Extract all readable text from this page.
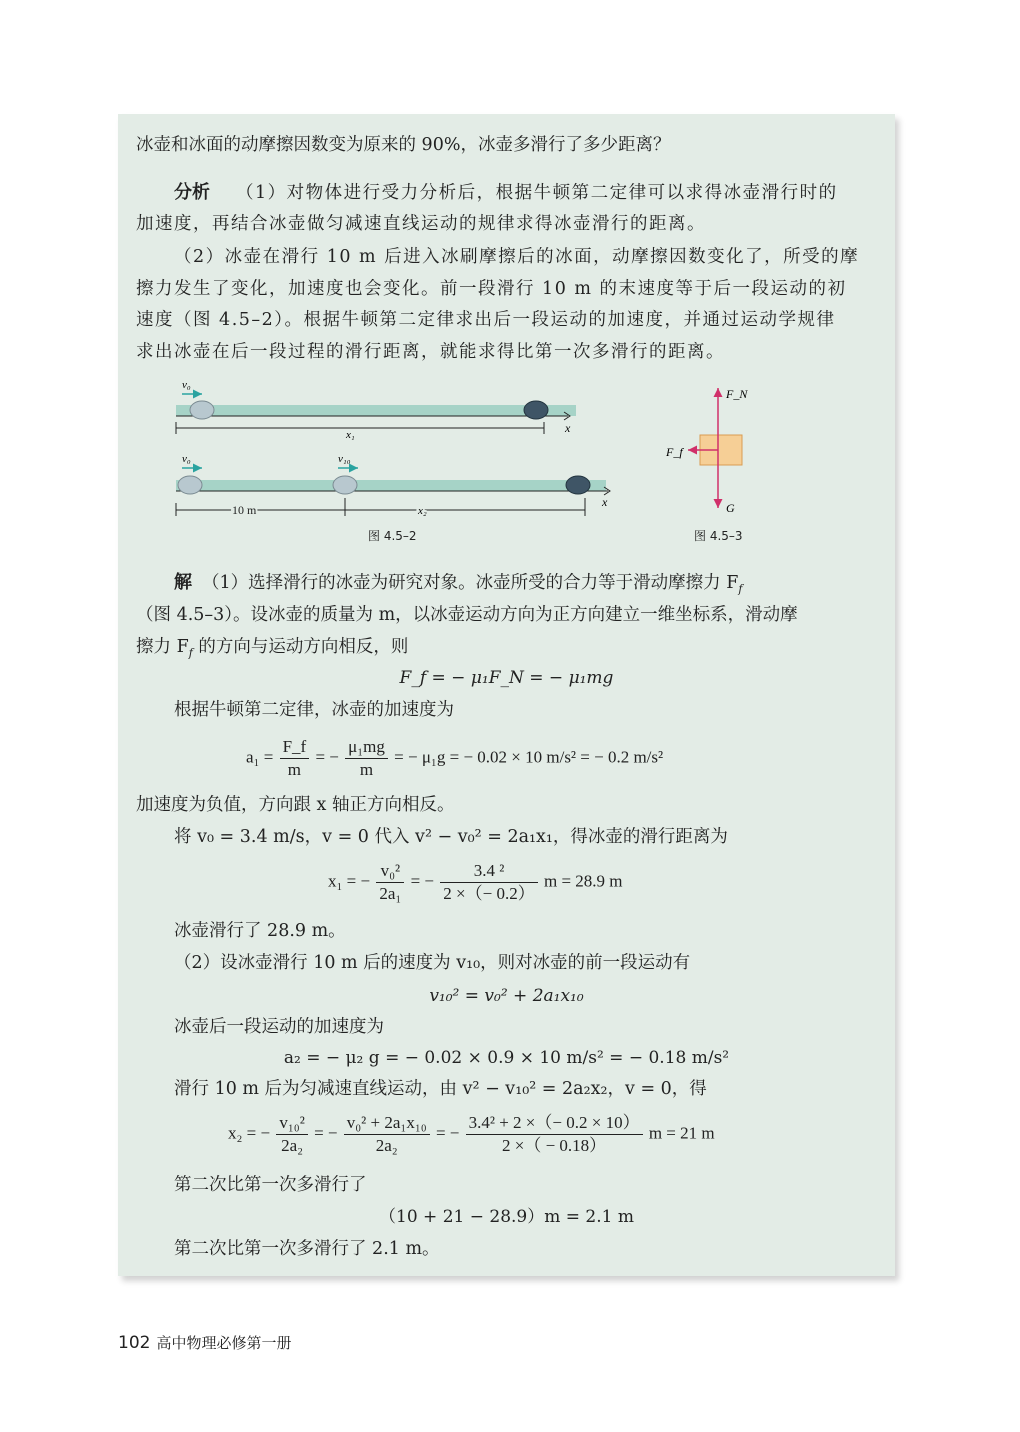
冰壶和冰面的动摩擦因数变为原来的 90%，冰壶多滑行了多少距离？
分析 （1）对物体进行受力分析后，根据牛顿第二定律可以求得冰壶滑行时的
加速度，再结合冰壶做匀减速直线运动的规律求得冰壶滑行的距离。
（2）冰壶在滑行 10 m 后进入冰刷摩擦后的冰面，动摩擦因数变化了，所受的摩
擦力发生了变化，加速度也会变化。前一段滑行 10 m 的末速度等于后一段运动的初
速度（图 4.5–2）。根据牛顿第二定律求出后一段运动的加速度，并通过运动学规律
求出冰壶在后一段过程的滑行距离，就能求得比第一次多滑行的距离。
v₀
x₁	x
v₀	v₁₀
10 m	x₂
x
图 4.5–2
F_N
F_f
G
图 4.5–3
解 （1）选择滑行的冰壶为研究对象。冰壶所受的合力等于滑动摩擦力 $F_f$
（图 4.5–3）。设冰壶的质量为 m，以冰壶运动方向为正方向建立一维坐标系，滑动摩
擦力 $F_f$ 的方向与运动方向相反，则
F_f = − μ₁F_N = − μ₁mg
根据牛顿第二定律，冰壶的加速度为
$a_1 = \frac{F\_f}{m}$ = − $\frac{\text{μ₁mg}}{m}$ = − μ₁g = − 0.02 × 10 m/s² = − 0.2 m/s²
加速度为负值，方向跟 x 轴正方向相反。
将 v₀ = 3.4 m/s，v = 0 代入 v² − v₀² = 2a₁x₁，得冰壶的滑行距离为
x₁ = − $\frac{\text{v₀²}}{\text{2a₁}}$ = − $\frac{\text{3.4 ²}}{2 \times(- 0.2)}$ m = 28.9 m
冰壶滑行了 28.9 m。
（2）设冰壶滑行 10 m 后的速度为 v₁₀，则对冰壶的前一段运动有
v₁₀² = v₀² + 2a₁x₁₀
冰壶后一段运动的加速度为
a₂ = − μ₂ g = − 0.02 × 0.9 × 10 m/s² = − 0.18 m/s²
滑行 10 m 后为匀减速直线运动，由 v² − v₁₀² = 2a₂x₂，v = 0，得
x₂ = − $\frac{\text{v₁₀²}}{\text{2a₂}}$ = − $\frac{\text{v₀² + 2a₁x₁₀}}{\text{2a₂}}$ = − $\frac{\text{3.4² + 2 ×（− 0.2 × 10）}}{2 \times( - 0.18)}$ m = 21 m
第二次比第一次多滑行了
（10 + 21 − 28.9）m = 2.1 m
第二次比第一次多滑行了 2.1 m。
102 高中物理必修第一册
